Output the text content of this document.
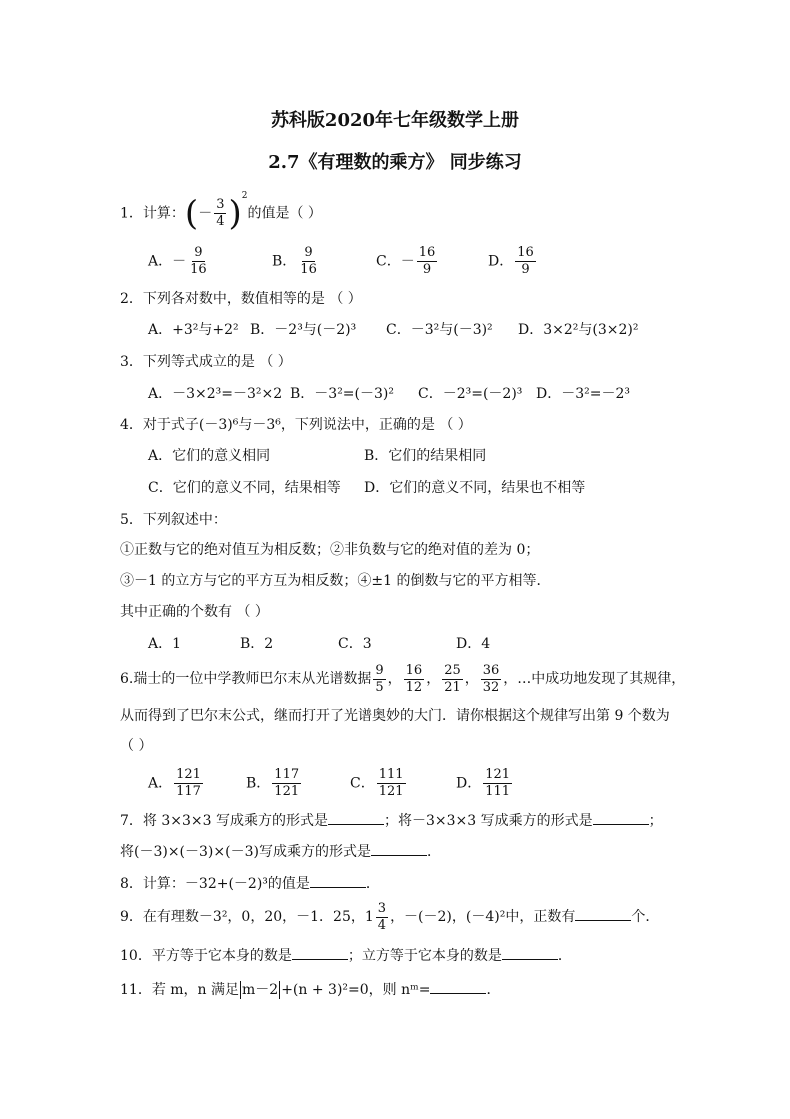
苏科版2020年七年级数学上册
2.7《有理数的乘方》 同步练习
1．计算：(－ $\frac{3}{4} )^2$的值是（ ）
A．－ $\frac{9}{16}$	B． $\frac{9}{16}$	C．－ $\frac{16}{9}$	D． $\frac{16}{9}$
2．下列各对数中，数值相等的是 （ ）
A．+3²与+2² B．－2³与(－2)³ C．－3²与(－3)² D．3×2²与(3×2)²
3．下列等式成立的是 （ ）
A．－3×2³=－3²×2 B．－3²=(－3)² C．－2³=(－2)³ D．－3²=－2³
4．对于式子(－3)⁶与－3⁶，下列说法中，正确的是 （ ）
A．它们的意义相同	B．它们的结果相同
C．它们的意义不同，结果相等 D．它们的意义不同，结果也不相等
5．下列叙述中：
①正数与它的绝对值互为相反数；②非负数与它的绝对值的差为 0；
③－1 的立方与它的平方互为相反数；④±1 的倒数与它的平方相等．
其中正确的个数有 （ ）
A．1	B．2	C．3	D．4
6.瑞士的一位中学教师巴尔末从光谱数据 $\frac{9}{5}$ ， $\frac{16}{12}$ ， $\frac{25}{21}$ ， $\frac{36}{32}$ ，…中成功地发现了其规律，
从而得到了巴尔末公式，继而打开了光谱奥妙的大门．请你根据这个规律写出第 9 个数为
（ ）
A． $\frac{121}{117}$	B． $\frac{117}{121}$	C． $\frac{111}{121}$	D． $\frac{121}{111}$
7．将 3×3×3 写成乘方的形式是	；将－3×3×3 写成乘方的形式是	；
将(－3)×(－3)×(－3)写成乘方的形式是	．
8．计算：－32+(－2)³的值是	．
9．在有理数－3²，0，20，－1．25，$1 \frac{3}{4}$ ，－(－2)，(－4)²中，正数有	个．
10．平方等于它本身的数是	；立方等于它本身的数是	．
11．若 m，n 满足 m－2 +(n + 3)²=0，则 nᵐ=	．
